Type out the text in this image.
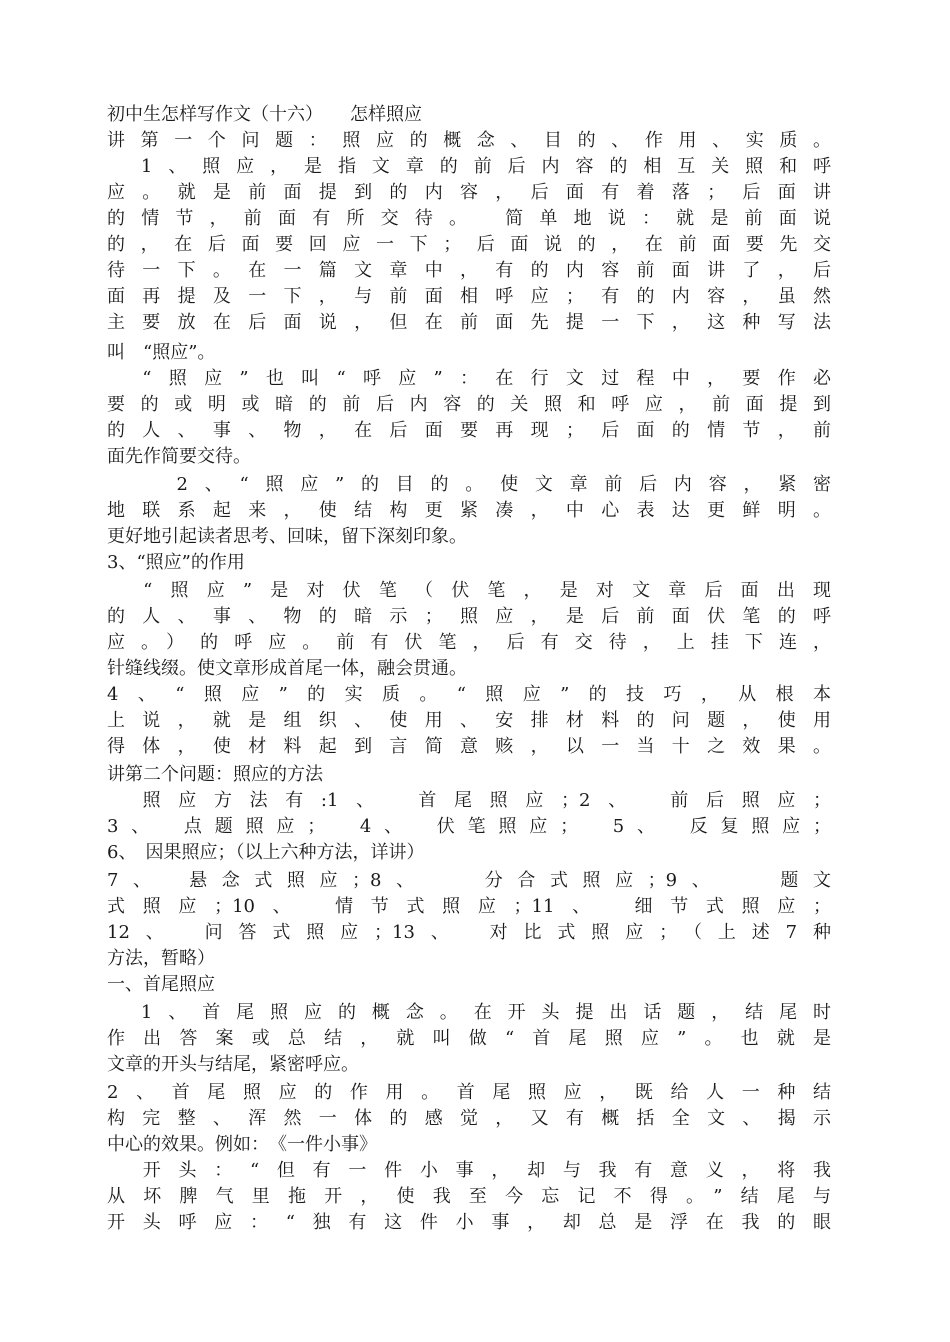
初中生怎样写作文（十六）　　怎样照应
讲第一个问题：照应的概念、目的、作用、实质。
　1、照应，是指文章的前后内容的相互关照和呼
应。就是前面提到的内容，后面有着落；后面讲
的情节，前面有所交待。 简单地说：就是前面说
的，在后面要回应一下；后面说的，在前面要先交
待一下。在一篇文章中，有的内容前面讲了，后
面再提及一下，与前面相呼应；有的内容，虽然
主要放在后面说，但在前面先提一下，这种写法
叫　“照应”。
　“照应”也叫“呼应”：在行文过程中，要作必
要的或明或暗的前后内容的关照和呼应，前面提到
的人、事、物，在后面要再现；后面的情节，前
面先作简要交待。
　　2、“照应”的目的。使文章前后内容，紧密
地联系起来，使结构更紧凑，中心表达更鲜明。
更好地引起读者思考、回味，留下深刻印象。
3、“照应”的作用
　“照应”是对伏笔（伏笔，是对文章后面出现
的人、事、物的暗示；照应，是后前面伏笔的呼
应。）的呼应。前有伏笔，后有交待，上挂下连，
针缝线缀。使文章形成首尾一体，融会贯通。
4、“照应”的实质。“照应”的技巧，从根本
上说，就是组织、使用、安排材料的问题，使用
得体，使材料起到言简意赅，以一当十之效果。
讲第二个问题：照应的方法
　照应方法有:1、　首尾照应；2、　前后照应；
3、　点题照应；　4、　伏笔照应；　5、　反复照应；
6、　因果照应；（以上六种方法，详讲）
7、　悬念式照应；8、　　分合式照应；9、　　题文
式照应；10、　情节式照应；11、　细节式照应；
12、　问答式照应；13、　对比式照应；（上述7种
方法，暂略）
一、首尾照应
　1、首尾照应的概念。在开头提出话题，结尾时
作出答案或总结，就叫做“首尾照应”。也就是
文章的开头与结尾，紧密呼应。
2、首尾照应的作用。首尾照应，既给人一种结
构完整、浑然一体的感觉，又有概括全文、揭示
中心的效果。例如：　《一件小事》
　开头：“但有一件小事，却与我有意义，将我
从坏脾气里拖开，使我至今忘记不得。”结尾与
开头呼应：“独有这件小事，却总是浮在我的眼
